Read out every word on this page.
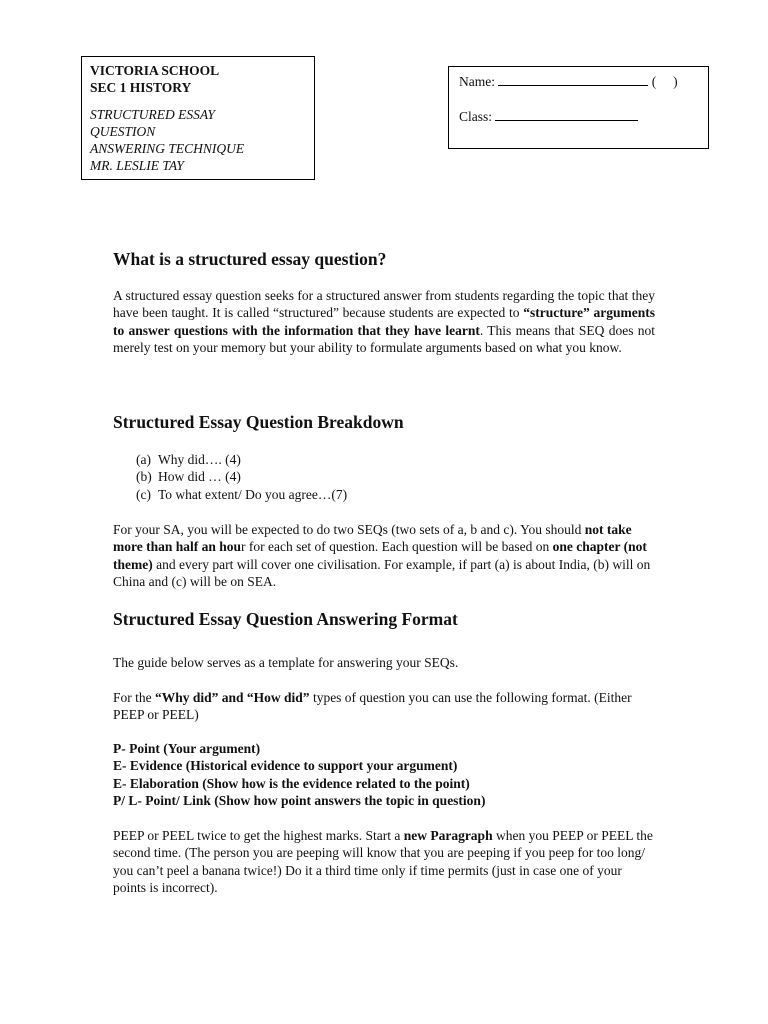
VICTORIA SCHOOL
SEC 1 HISTORY
STRUCTURED ESSAY
QUESTION
ANSWERING TECHNIQUE
MR. LESLIE TAY
Name:	(     )
Class:
What is a structured essay question?

A structured essay question seeks for a structured answer from students regarding the topic that they have been taught. It is called “structured” because students are expected to “structure” arguments to answer questions with the information that they have learnt. This means that SEQ does not merely test on your memory but your ability to formulate arguments based on what you know.

Structured Essay Question Breakdown
(a) Why did…. (4)
(b) How did … (4)
(c) To what extent/ Do you agree…(7)

For your SA, you will be expected to do two SEQs (two sets of a, b and c). You should not take more than half an hour for each set of question. Each question will be based on one chapter (not theme) and every part will cover one civilisation. For example, if part (a) is about India, (b) will on China and (c) will be on SEA.

Structured Essay Question Answering Format

The guide below serves as a template for answering your SEQs.

For the “Why did” and “How did” types of question you can use the following format. (Either PEEP or PEEL)

P- Point (Your argument)
E- Evidence (Historical evidence to support your argument)
E- Elaboration (Show how is the evidence related to the point)
P/ L- Point/ Link (Show how point answers the topic in question)

PEEP or PEEL twice to get the highest marks. Start a new Paragraph when you PEEP or PEEL the second time. (The person you are peeping will know that you are peeping if you peep for too long/ you can’t peel a banana twice!) Do it a third time only if time permits (just in case one of your points is incorrect).
